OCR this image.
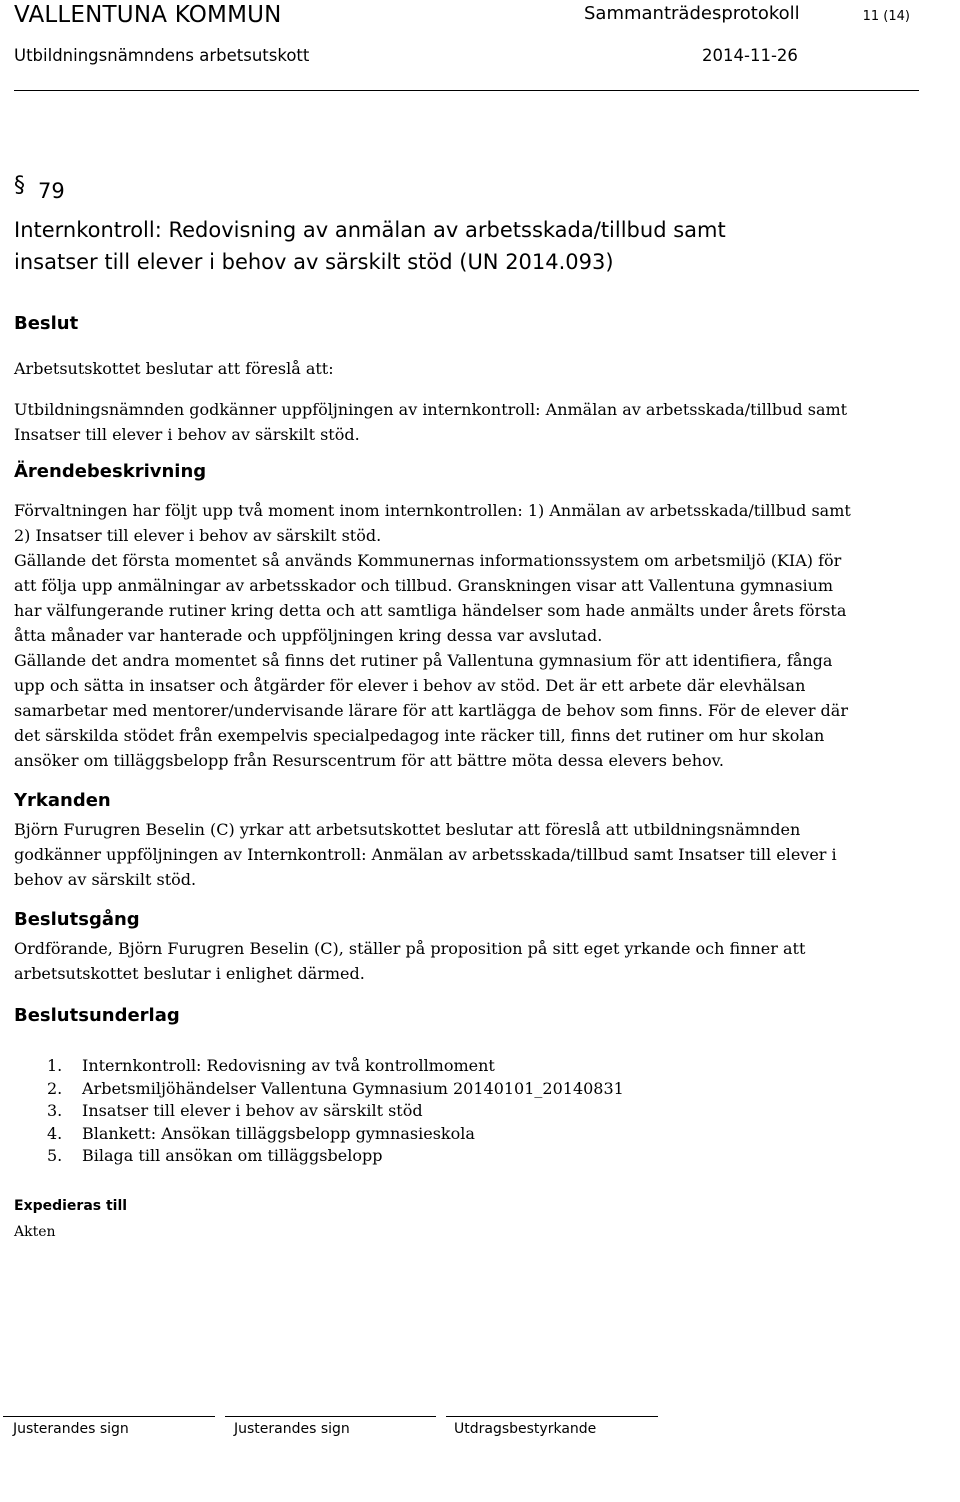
VALLENTUNA KOMMUN	Sammanträdesprotokoll	11 (14)
Utbildningsnämndens arbetsutskott	2014-11-26
§ 79
Internkontroll: Redovisning av anmälan av arbetsskada/tillbud samt
insatser till elever i behov av särskilt stöd (UN 2014.093)
Beslut
Arbetsutskottet beslutar att föreslå att:
Utbildningsnämnden godkänner uppföljningen av internkontroll: Anmälan av arbetsskada/tillbud samt Insatser till elever i behov av särskilt stöd.
Ärendebeskrivning

Förvaltningen har följt upp två moment inom internkontrollen: 1) Anmälan av arbetsskada/tillbud samt 2) Insatser till elever i behov av särskilt stöd.

Gällande det första momentet så används Kommunernas informationssystem om arbetsmiljö (KIA) för att följa upp anmälningar av arbetsskador och tillbud. Granskningen visar att Vallentuna gymnasium har välfungerande rutiner kring detta och att samtliga händelser som hade anmälts under årets första åtta månader var hanterade och uppföljningen kring dessa var avslutad.

Gällande det andra momentet så finns det rutiner på Vallentuna gymnasium för att identifiera, fånga upp och sätta in insatser och åtgärder för elever i behov av stöd. Det är ett arbete där elevhälsan samarbetar med mentorer/undervisande lärare för att kartlägga de behov som finns. För de elever där det särskilda stödet från exempelvis specialpedagog inte räcker till, finns det rutiner om hur skolan ansöker om tilläggsbelopp från Resurscentrum för att bättre möta dessa elevers behov.

Yrkanden
Björn Furugren Beselin (C) yrkar att arbetsutskottet beslutar att föreslå att utbildningsnämnden godkänner uppföljningen av Internkontroll: Anmälan av arbetsskada/tillbud samt Insatser till elever i behov av särskilt stöd.
Beslutsgång
Ordförande, Björn Furugren Beselin (C), ställer på proposition på sitt eget yrkande och finner att arbetsutskottet beslutar i enlighet därmed.
Beslutsunderlag
1. Internkontroll: Redovisning av två kontrollmoment
2. Arbetsmiljöhändelser Vallentuna Gymnasium 20140101_20140831
3. Insatser till elever i behov av särskilt stöd
4. Blankett: Ansökan tilläggsbelopp gymnasieskola
5. Bilaga till ansökan om tilläggsbelopp
Expedieras till
Akten
Justerandes sign	Justerandes sign	Utdragsbestyrkande
